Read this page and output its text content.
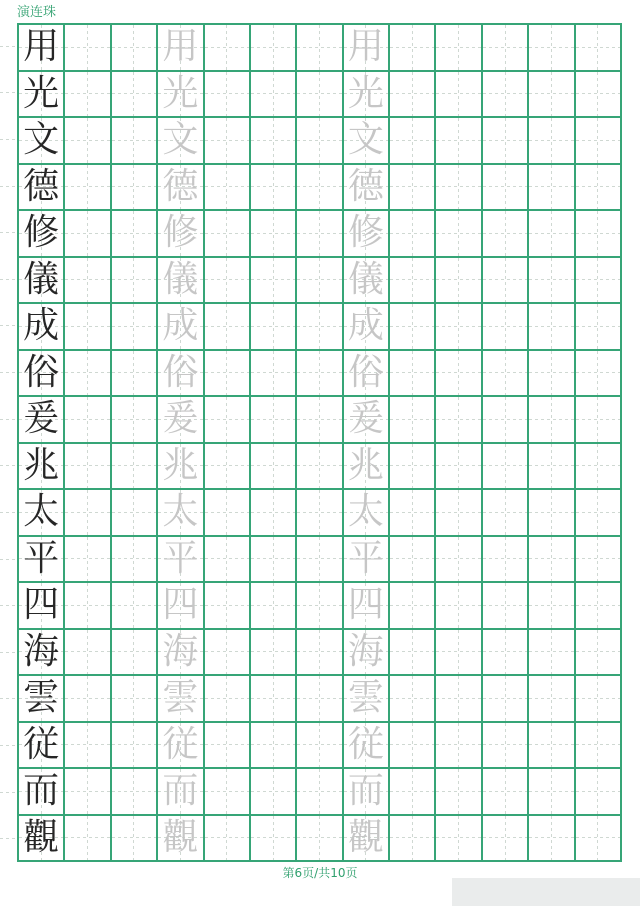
演连珠
用	用	用
光	光	光
文	文	文
德	德	德
修	修	修
儀	儀	儀
成	成	成
俗	俗	俗
爰	爰	爰
兆	兆	兆
太	太	太
平	平	平
四	四	四
海	海	海
雲	雲	雲
従	従	従
而	而	而
觀	觀	觀
第6页/共10页
